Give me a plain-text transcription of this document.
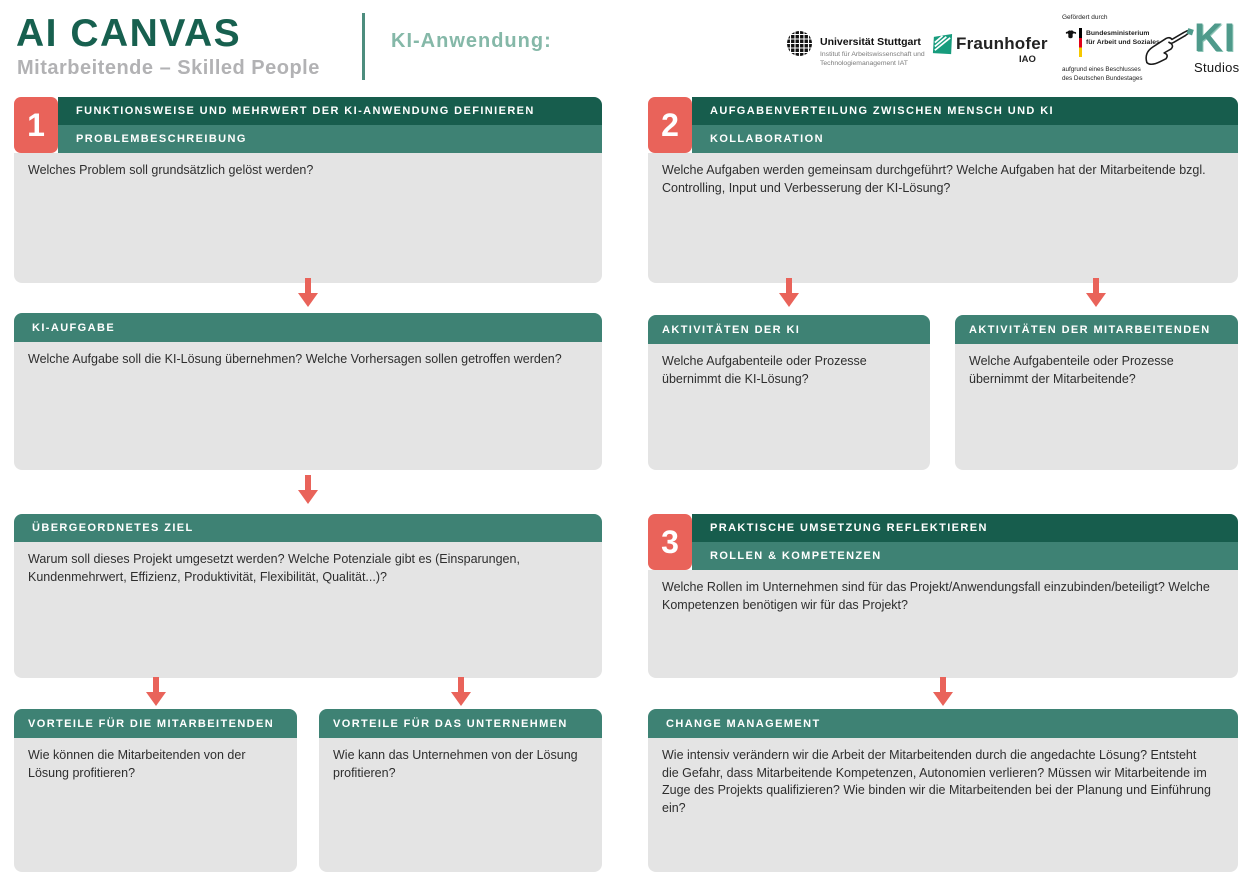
AI CANVAS
Mitarbeitende – Skilled People
KI-Anwendung:	Universität Stuttgart
Institut für Arbeitswissenschaft und
Technologiemanagement IAT
Fraunhofer
IAO
Gefördert durch
Bundesministerium
für Arbeit und Soziales
aufgrund eines Beschlusses
des Deutschen Bundestages
KI
Studios
1	FUNKTIONSWEISE UND MEHRWERT DER KI-ANWENDUNG DEFINIEREN
PROBLEMBESCHREIBUNG

Welches Problem soll grundsätzlich gelöst werden?

KI-AUFGABE

Welche Aufgabe soll die KI-Lösung übernehmen? Welche Vorhersagen sollen getroffen werden?

ÜBERGEORDNETES ZIEL

Warum soll dieses Projekt umgesetzt werden? Welche Potenziale gibt es (Einsparungen, Kundenmehrwert, Effizienz, Produktivität, Flexibilität, Qualität...)?

VORTEILE FÜR DIE MITARBEITENDEN

Wie können die Mitarbeitenden von der Lösung profitieren?

VORTEILE FÜR DAS UNTERNEHMEN

Wie kann das Unternehmen von der Lösung profitieren?

2	AUFGABENVERTEILUNG ZWISCHEN MENSCH UND KI
KOLLABORATION

Welche Aufgaben werden gemeinsam durchgeführt? Welche Aufgaben hat der Mitarbeitende bzgl. Controlling, Input und Verbesserung der KI-Lösung?

AKTIVITÄTEN DER KI

Welche Aufgabenteile oder Prozesse übernimmt die KI-Lösung?

AKTIVITÄTEN DER MITARBEITENDEN

Welche Aufgabenteile oder Prozesse übernimmt der Mitarbeitende?

3	PRAKTISCHE UMSETZUNG REFLEKTIEREN
ROLLEN & KOMPETENZEN

Welche Rollen im Unternehmen sind für das Projekt/Anwendungsfall einzubinden/beteiligt? Welche Kompetenzen benötigen wir für das Projekt?

CHANGE MANAGEMENT

Wie intensiv verändern wir die Arbeit der Mitarbeitenden durch die angedachte Lösung? Entsteht die Gefahr, dass Mitarbeitende Kompetenzen, Autonomien verlieren? Müssen wir Mitarbeitende im Zuge des Projekts qualifizieren? Wie binden wir die Mitarbeitenden bei der Planung und Einführung ein?
